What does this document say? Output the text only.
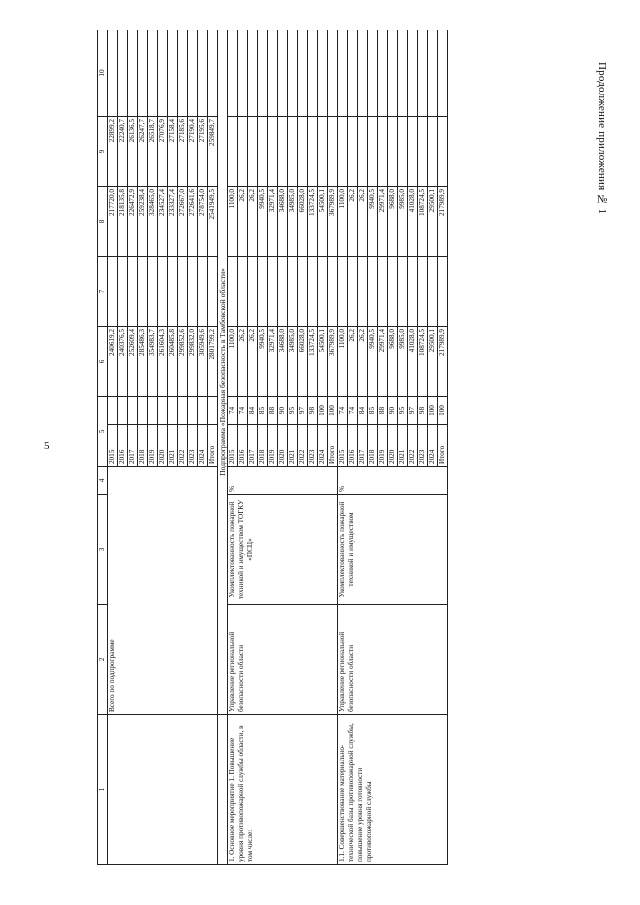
5
Продолжение приложения № 1
1	2	3	4	5		6	7	8	9	10
	Всего по подпрограмме			2015		240619,2		217720,0	22899,2	
				2016		240376,5		218135,8	22240,7	
				2017		252609,4		226472,9	26136,5	
				2018		285486,3		259238,4	26247,7	
				2019		354983,7		328465,0	26518,7	
				2020		261604,3		234527,4	27076,9	
				2021		260485,8		233327,4	27158,4	
				2022		299852,6		272667,0	27185,6	
				2023		299832,0		272641,6	27190,4	
				2024		305949,6		278754,0	27195,6	
				Итого		2801799,2		2541949,5	259849,7	
	Подпрограмма «Пожарная безопасность в Тамбовской области»									
1. Основное мероприятие 1. Повышение уровня противопожарной службы области, в том числе:	Управление региональной безопасности области	Укомплектованность пожарной техникой и имуществом ТОГКУ «ПСЦ»	%	2015	74	1100,0		1100,0		
				2016	74	26,2		26,2		
				2017	84	26,2		26,2		
				2018	85	9940,5		9940,5		
				2019	88	32971,4		32971,4		
				2020	90	34688,0		34688,0		
				2021	95	34985,0		34985,0		
				2022	97	66028,0		66028,0		
				2023	98	133724,5		133724,5		
				2024	100	54500,1		54500,1		
				Итого	100	367989,9		367989,9		
1.1. Совершенствование материально-технической базы противопожарной службы, повышение уровня готовности противопожарной службы	Управление региональной безопасности области	Укомплектованность пожарной техникой и имуществом	%	2015	74	1100,0		1100,0		
				2016	74	26,2		26,2		
				2017	84	26,2		26,2		
				2018	85	9940,5		9940,5		
				2019	88	29971,4		29971,4		
				2020	90	9688,0		9688,0		
				2021	95	9985,0		9985,0		
				2022	97	41028,0		41028,0		
				2023	98	108724,5		108724,5		
				2024	100	29500,1		29500,1		
				Итого	100	217989,9		217989,9		
